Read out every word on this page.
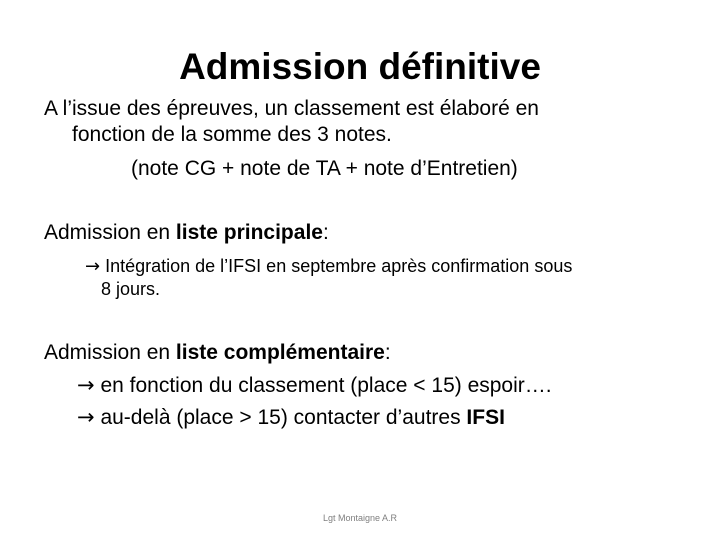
Admission définitive
A l’issue des épreuves, un classement est élaboré en
fonction de la somme des 3 notes.
(note CG + note de TA + note d’Entretien)
Admission en liste principale:
→ Intégration de l’IFSI en septembre après confirmation sous
8 jours.
Admission en liste complémentaire:
→ en fonction du classement (place < 15) espoir….
→ au-delà (place > 15) contacter d’autres IFSI
Lgt Montaigne A.R
